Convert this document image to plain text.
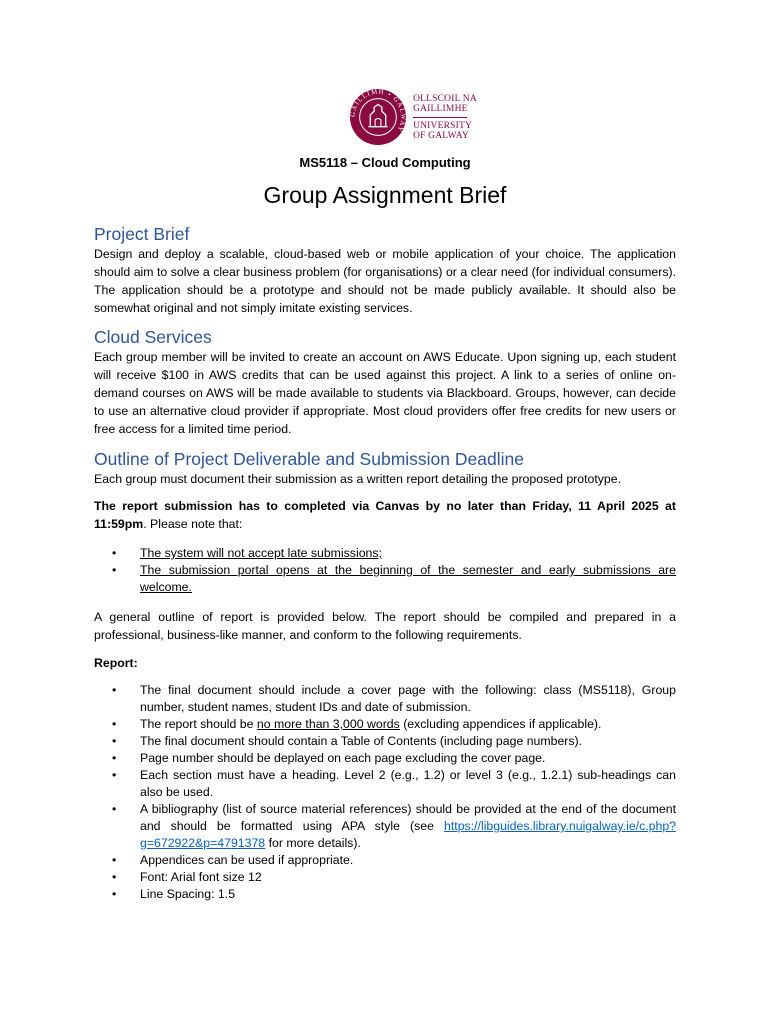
GAILLIMH • GALWAY
OLLSCOIL NA
GAILLIMHE
UNIVERSITY
OF GALWAY
MS5118 – Cloud Computing
Group Assignment Brief
Project Brief

Design and deploy a scalable, cloud-based web or mobile application of your choice. The application should aim to solve a clear business problem (for organisations) or a clear need (for individual consumers). The application should be a prototype and should not be made publicly available. It should also be somewhat original and not simply imitate existing services.

Cloud Services

Each group member will be invited to create an account on AWS Educate. Upon signing up, each student will receive $100 in AWS credits that can be used against this project. A link to a series of online on-demand courses on AWS will be made available to students via Blackboard. Groups, however, can decide to use an alternative cloud provider if appropriate. Most cloud providers offer free credits for new users or free access for a limited time period.

Outline of Project Deliverable and Submission Deadline

Each group must document their submission as a written report detailing the proposed prototype.

The report submission has to completed via Canvas by no later than Friday, 11 April 2025 at 11:59pm. Please note that:

• The system will not accept late submissions;
• The submission portal opens at the beginning of the semester and early submissions are welcome.

A general outline of report is provided below. The report should be compiled and prepared in a professional, business-like manner, and conform to the following requirements.

Report:

• The final document should include a cover page with the following: class (MS5118), Group number, student names, student IDs and date of submission.
• The report should be no more than 3,000 words (excluding appendices if applicable).
• The final document should contain a Table of Contents (including page numbers).
• Page number should be deplayed on each page excluding the cover page.
• Each section must have a heading. Level 2 (e.g., 1.2) or level 3 (e.g., 1.2.1) sub-headings can also be used.
• A bibliography (list of source material references) should be provided at the end of the document and should be formatted using APA style (see https://libguides.library.nuigalway.ie/c.php?g=672922&p=4791378 for more details).
• Appendices can be used if appropriate.
• Font: Arial font size 12
• Line Spacing: 1.5
